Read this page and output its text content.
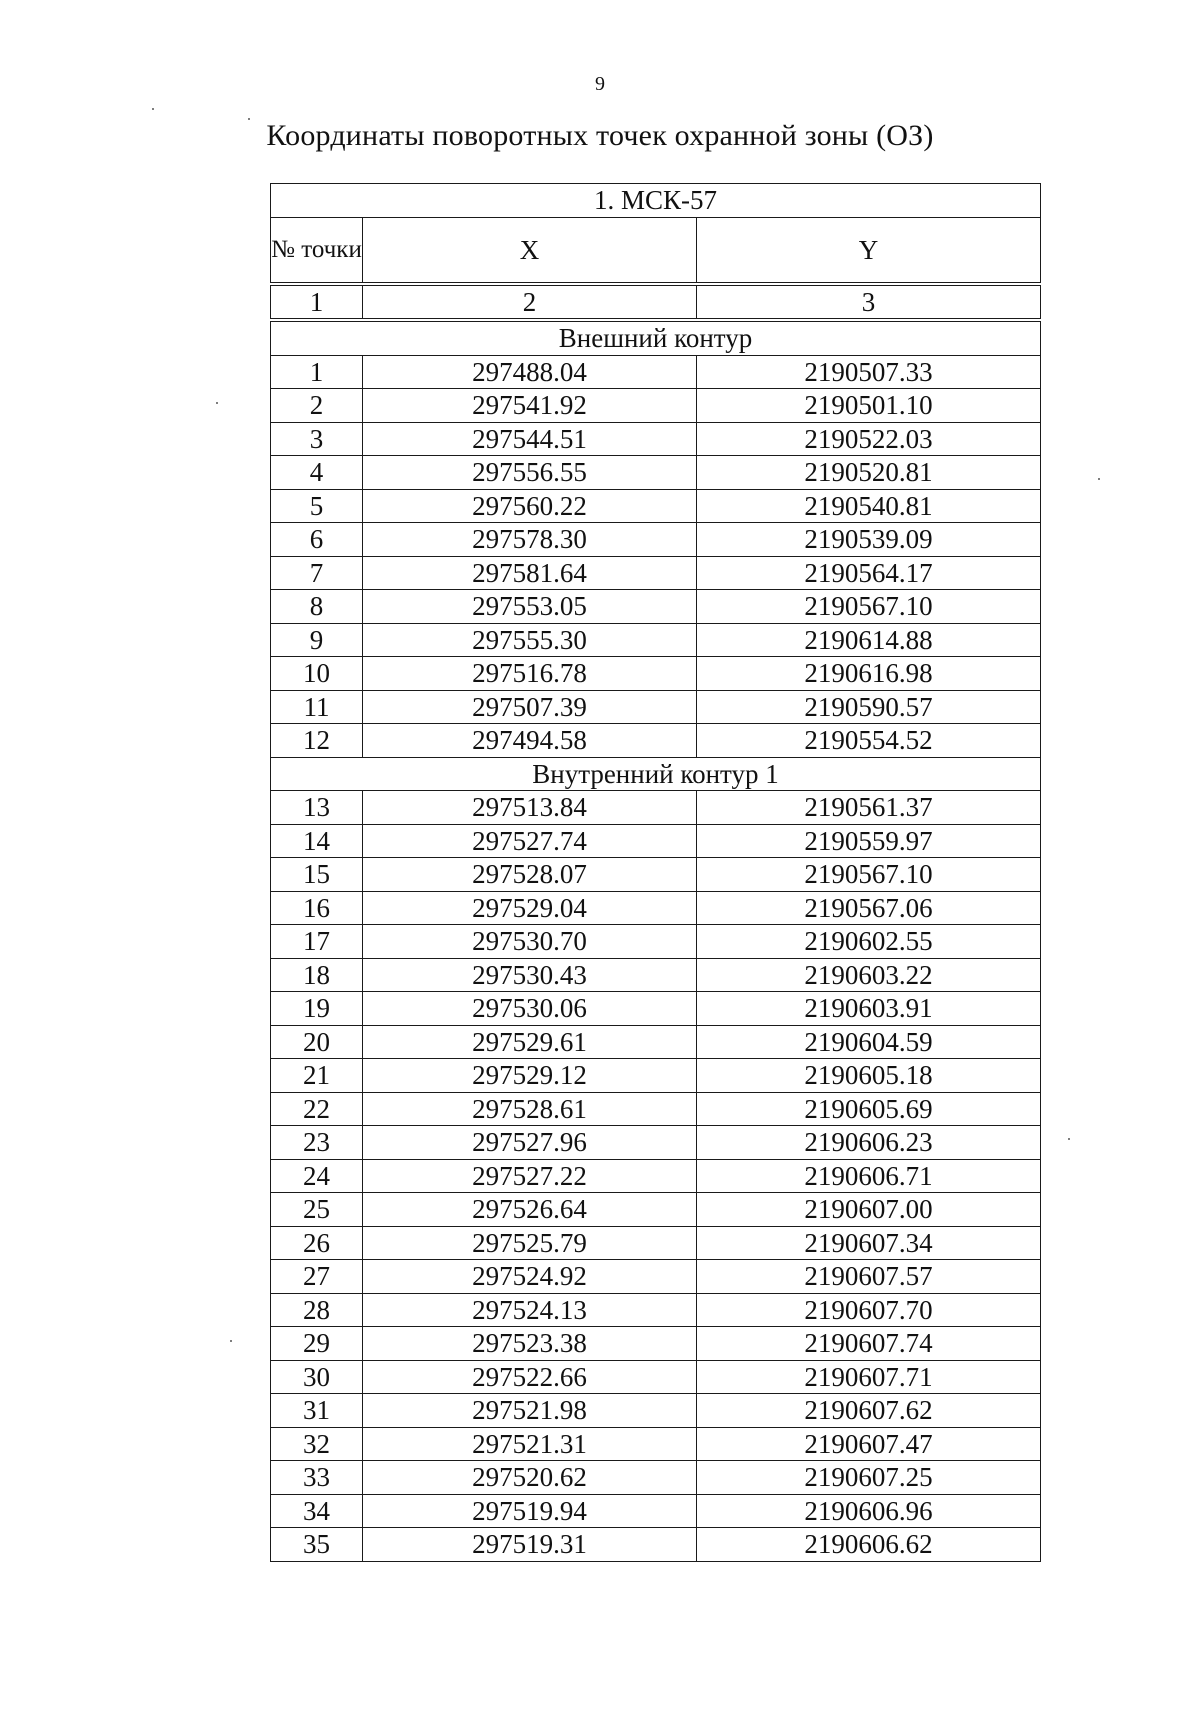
9
Координаты поворотных точек охранной зоны (ОЗ)
1. МСК-57		
№ точки	X	Y
1	2	3
Внешний контур		
1	297488.04	2190507.33
2	297541.92	2190501.10
3	297544.51	2190522.03
4	297556.55	2190520.81
5	297560.22	2190540.81
6	297578.30	2190539.09
7	297581.64	2190564.17
8	297553.05	2190567.10
9	297555.30	2190614.88
10	297516.78	2190616.98
11	297507.39	2190590.57
12	297494.58	2190554.52
Внутренний контур 1		
13	297513.84	2190561.37
14	297527.74	2190559.97
15	297528.07	2190567.10
16	297529.04	2190567.06
17	297530.70	2190602.55
18	297530.43	2190603.22
19	297530.06	2190603.91
20	297529.61	2190604.59
21	297529.12	2190605.18
22	297528.61	2190605.69
23	297527.96	2190606.23
24	297527.22	2190606.71
25	297526.64	2190607.00
26	297525.79	2190607.34
27	297524.92	2190607.57
28	297524.13	2190607.70
29	297523.38	2190607.74
30	297522.66	2190607.71
31	297521.98	2190607.62
32	297521.31	2190607.47
33	297520.62	2190607.25
34	297519.94	2190606.96
35	297519.31	2190606.62
